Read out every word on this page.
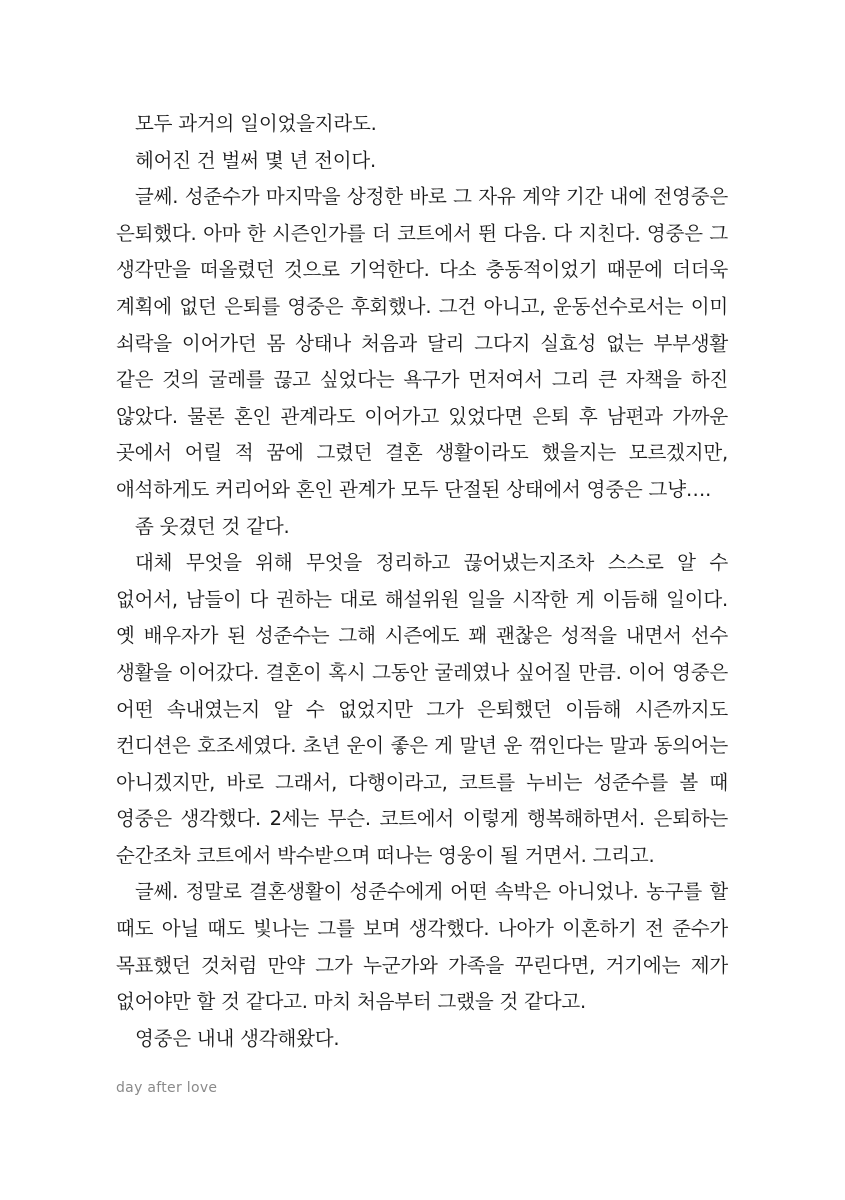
모두 과거의 일이었을지라도.

헤어진 건 벌써 몇 년 전이다.

글쎄. 성준수가 마지막을 상정한 바로 그 자유 계약 기간 내에 전영중은 은퇴했다. 아마 한 시즌인가를 더 코트에서 뛴 다음. 다 지친다. 영중은 그 생각만을 떠올렸던 것으로 기억한다. 다소 충동적이었기 때문에 더더욱 계획에 없던 은퇴를 영중은 후회했나. 그건 아니고, 운동선수로서는 이미 쇠락을 이어가던 몸 상태나 처음과 달리 그다지 실효성 없는 부부생활 같은 것의 굴레를 끊고 싶었다는 욕구가 먼저여서 그리 큰 자책을 하진 않았다. 물론 혼인 관계라도 이어가고 있었다면 은퇴 후 남편과 가까운 곳에서 어릴 적 꿈에 그렸던 결혼 생활이라도 했을지는 모르겠지만, 애석하게도 커리어와 혼인 관계가 모두 단절된 상태에서 영중은 그냥….

좀 웃겼던 것 같다.

대체 무엇을 위해 무엇을 정리하고 끊어냈는지조차 스스로 알 수 없어서, 남들이 다 권하는 대로 해설위원 일을 시작한 게 이듬해 일이다. 옛 배우자가 된 성준수는 그해 시즌에도 꽤 괜찮은 성적을 내면서 선수 생활을 이어갔다. 결혼이 혹시 그동안 굴레였나 싶어질 만큼. 이어 영중은 어떤 속내였는지 알 수 없었지만 그가 은퇴했던 이듬해 시즌까지도 컨디션은 호조세였다. 초년 운이 좋은 게 말년 운 꺾인다는 말과 동의어는 아니겠지만, 바로 그래서, 다행이라고, 코트를 누비는 성준수를 볼 때 영중은 생각했다. 2세는 무슨. 코트에서 이렇게 행복해하면서. 은퇴하는 순간조차 코트에서 박수받으며 떠나는 영웅이 될 거면서. 그리고.

글쎄. 정말로 결혼생활이 성준수에게 어떤 속박은 아니었나. 농구를 할 때도 아닐 때도 빛나는 그를 보며 생각했다. 나아가 이혼하기 전 준수가 목표했던 것처럼 만약 그가 누군가와 가족을 꾸린다면, 거기에는 제가 없어야만 할 것 같다고. 마치 처음부터 그랬을 것 같다고.

영중은 내내 생각해왔다.

day after love
